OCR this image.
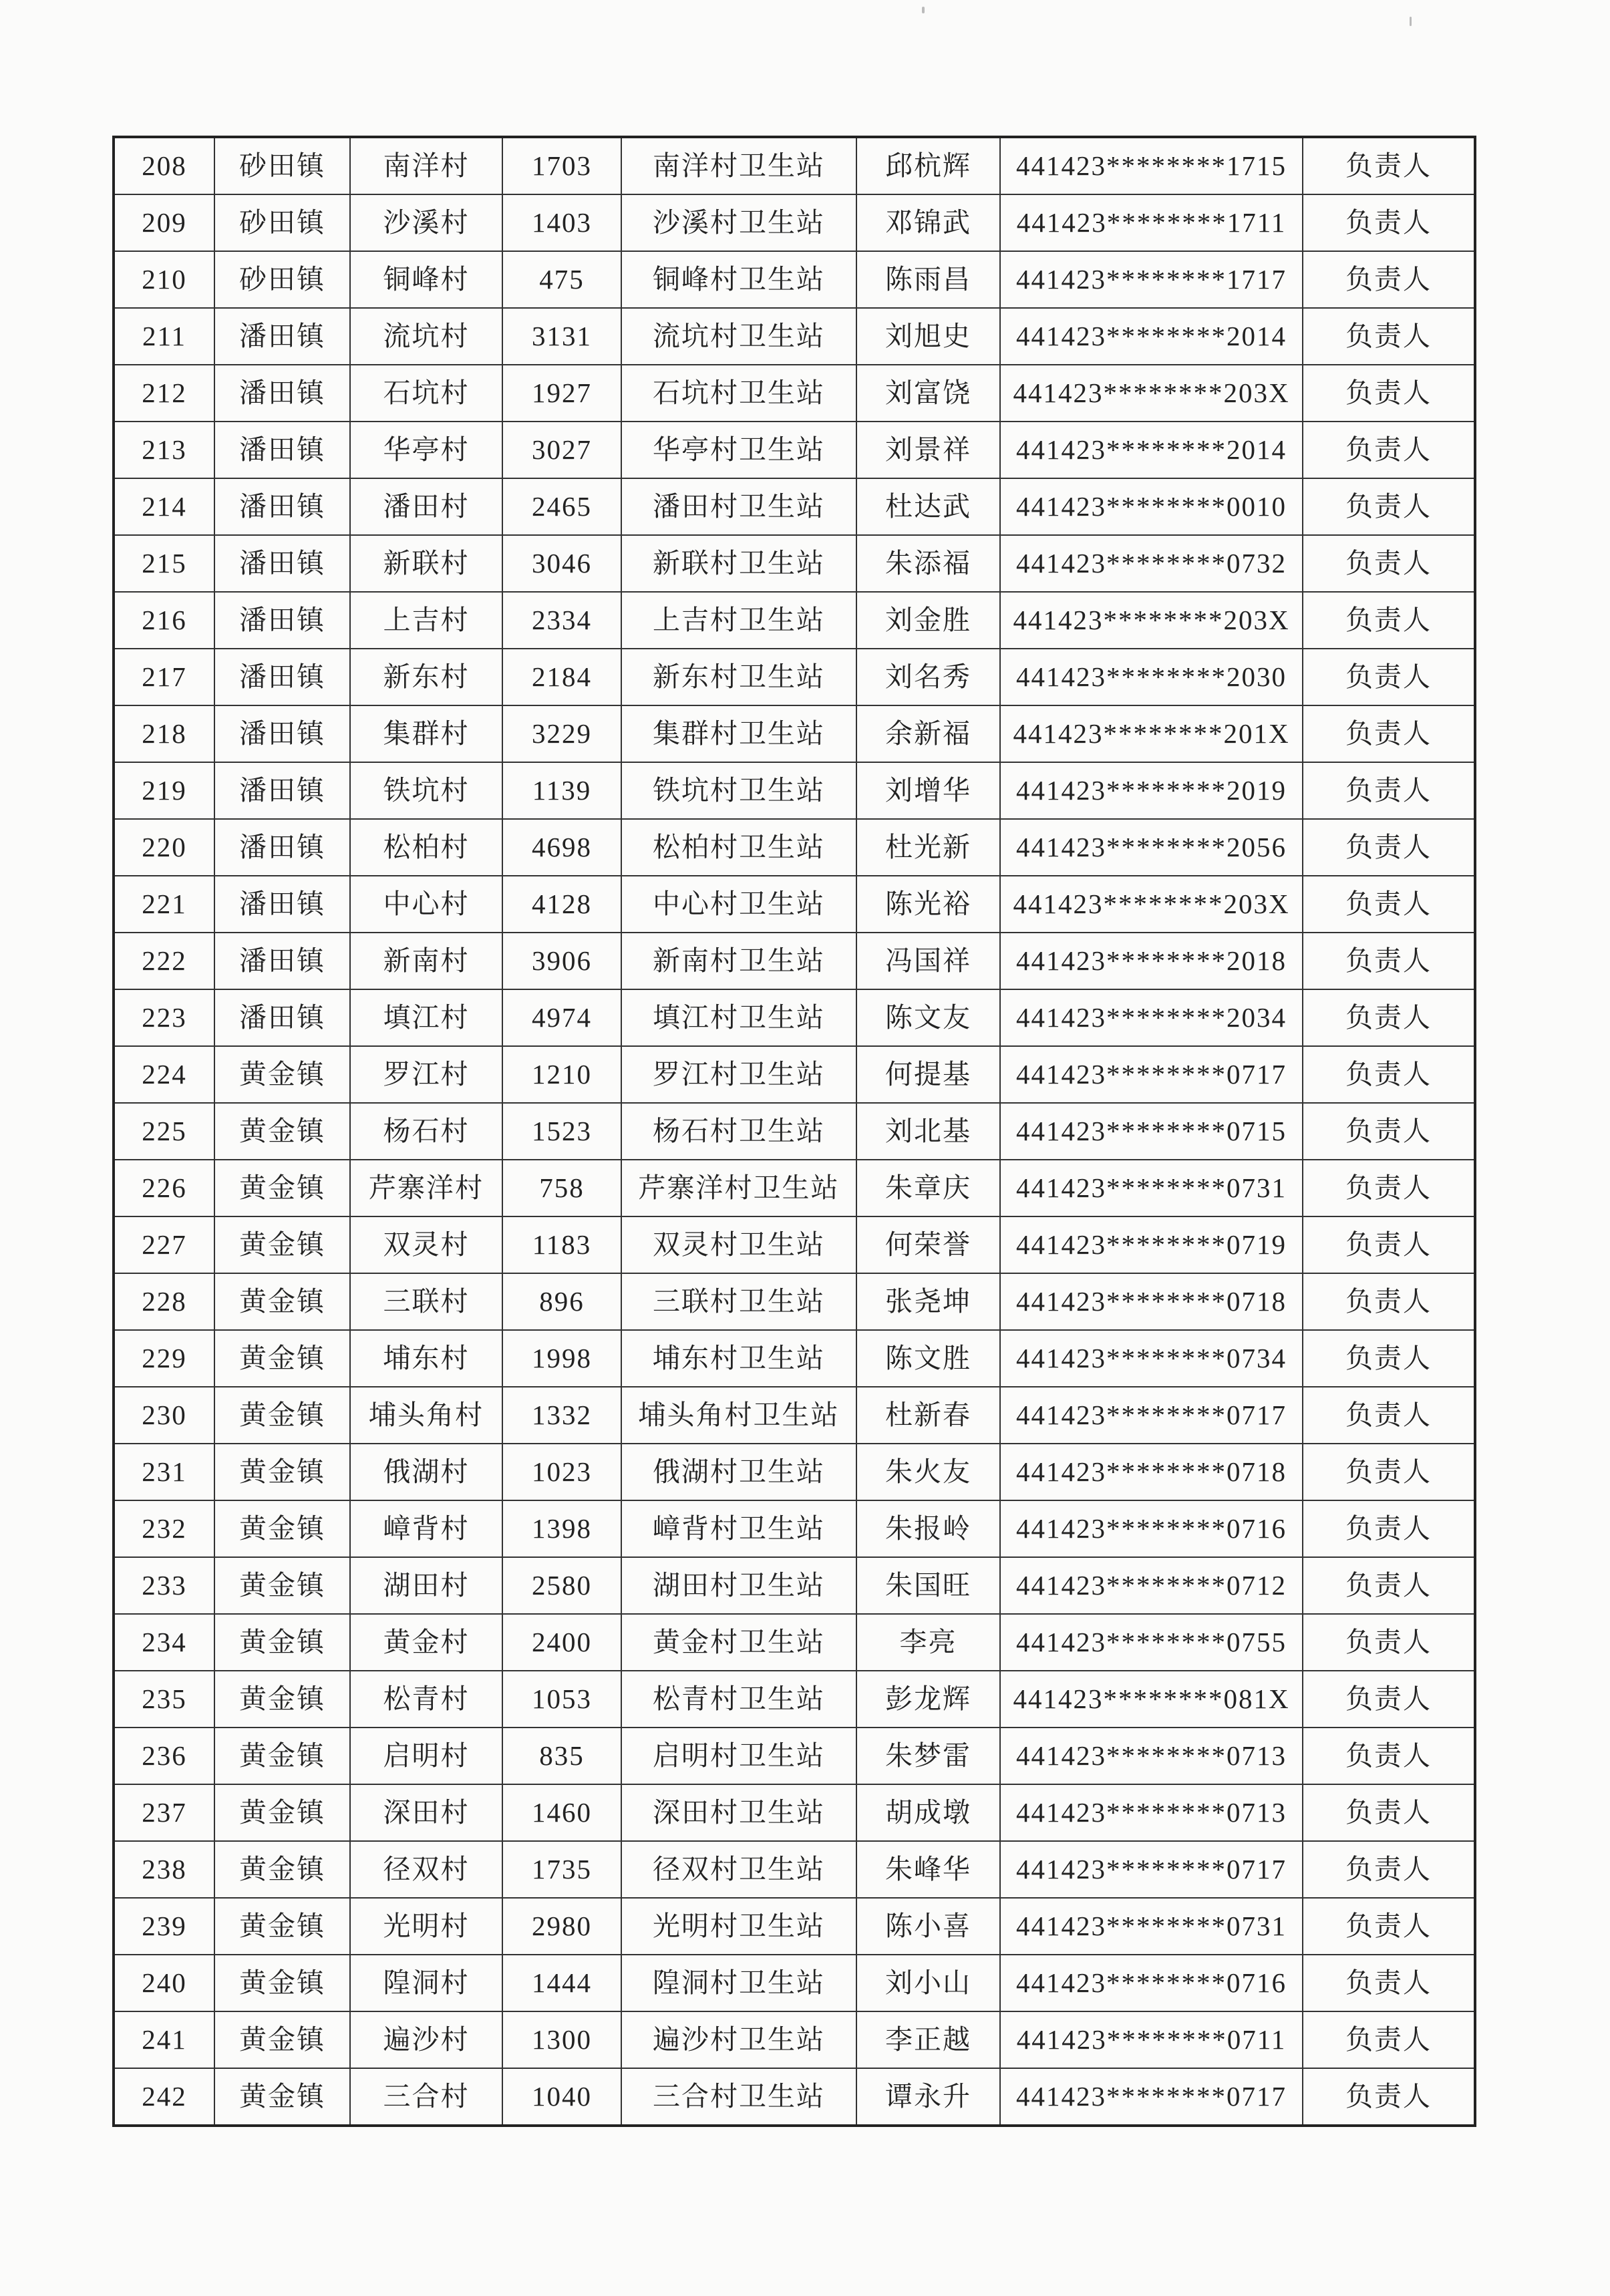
208	砂田镇	南洋村	1703	南洋村卫生站	邱杭辉	441423********1715	负责人
209	砂田镇	沙溪村	1403	沙溪村卫生站	邓锦武	441423********1711	负责人
210	砂田镇	铜峰村	475	铜峰村卫生站	陈雨昌	441423********1717	负责人
211	潘田镇	流坑村	3131	流坑村卫生站	刘旭史	441423********2014	负责人
212	潘田镇	石坑村	1927	石坑村卫生站	刘富饶	441423********203X	负责人
213	潘田镇	华亭村	3027	华亭村卫生站	刘景祥	441423********2014	负责人
214	潘田镇	潘田村	2465	潘田村卫生站	杜达武	441423********0010	负责人
215	潘田镇	新联村	3046	新联村卫生站	朱添福	441423********0732	负责人
216	潘田镇	上吉村	2334	上吉村卫生站	刘金胜	441423********203X	负责人
217	潘田镇	新东村	2184	新东村卫生站	刘名秀	441423********2030	负责人
218	潘田镇	集群村	3229	集群村卫生站	余新福	441423********201X	负责人
219	潘田镇	铁坑村	1139	铁坑村卫生站	刘增华	441423********2019	负责人
220	潘田镇	松柏村	4698	松柏村卫生站	杜光新	441423********2056	负责人
221	潘田镇	中心村	4128	中心村卫生站	陈光裕	441423********203X	负责人
222	潘田镇	新南村	3906	新南村卫生站	冯国祥	441423********2018	负责人
223	潘田镇	填江村	4974	填江村卫生站	陈文友	441423********2034	负责人
224	黄金镇	罗江村	1210	罗江村卫生站	何提基	441423********0717	负责人
225	黄金镇	杨石村	1523	杨石村卫生站	刘北基	441423********0715	负责人
226	黄金镇	芹寨洋村	758	芹寨洋村卫生站	朱章庆	441423********0731	负责人
227	黄金镇	双灵村	1183	双灵村卫生站	何荣誉	441423********0719	负责人
228	黄金镇	三联村	896	三联村卫生站	张尧坤	441423********0718	负责人
229	黄金镇	埔东村	1998	埔东村卫生站	陈文胜	441423********0734	负责人
230	黄金镇	埔头角村	1332	埔头角村卫生站	杜新春	441423********0717	负责人
231	黄金镇	俄湖村	1023	俄湖村卫生站	朱火友	441423********0718	负责人
232	黄金镇	嶂背村	1398	嶂背村卫生站	朱报岭	441423********0716	负责人
233	黄金镇	湖田村	2580	湖田村卫生站	朱国旺	441423********0712	负责人
234	黄金镇	黄金村	2400	黄金村卫生站	李亮	441423********0755	负责人
235	黄金镇	松青村	1053	松青村卫生站	彭龙辉	441423********081X	负责人
236	黄金镇	启明村	835	启明村卫生站	朱梦雷	441423********0713	负责人
237	黄金镇	深田村	1460	深田村卫生站	胡成墩	441423********0713	负责人
238	黄金镇	径双村	1735	径双村卫生站	朱峰华	441423********0717	负责人
239	黄金镇	光明村	2980	光明村卫生站	陈小喜	441423********0731	负责人
240	黄金镇	隍洞村	1444	隍洞村卫生站	刘小山	441423********0716	负责人
241	黄金镇	遍沙村	1300	遍沙村卫生站	李正越	441423********0711	负责人
242	黄金镇	三合村	1040	三合村卫生站	谭永升	441423********0717	负责人
